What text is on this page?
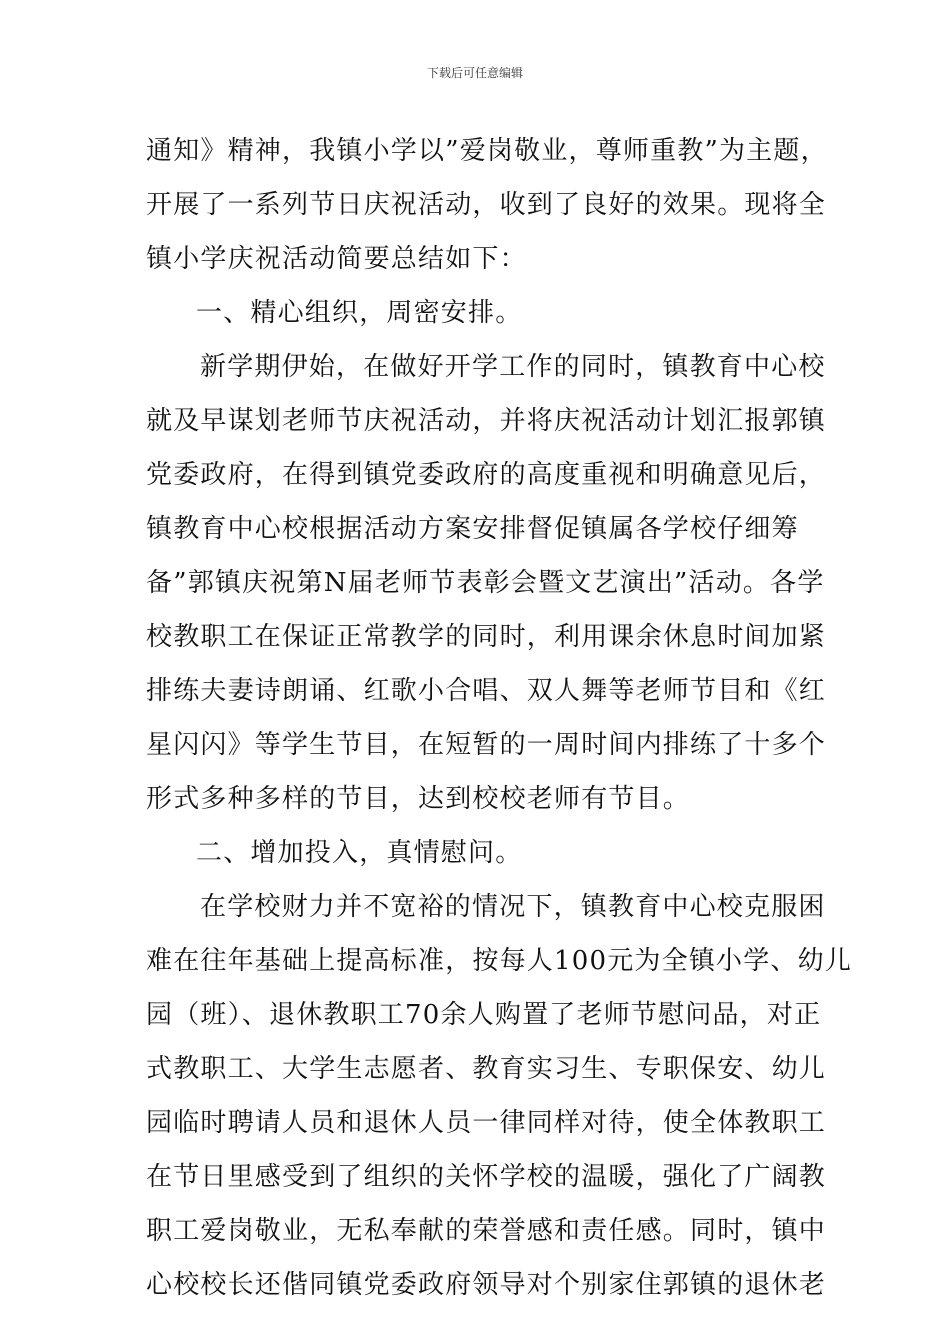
下载后可任意编辑
通知》精神，我镇小学以”爱岗敬业，尊师重教”为主题，
开展了一系列节日庆祝活动，收到了良好的效果。现将全
镇小学庆祝活动简要总结如下：
一、精心组织，周密安排。
新学期伊始，在做好开学工作的同时，镇教育中心校
就及早谋划老师节庆祝活动，并将庆祝活动计划汇报郭镇
党委政府，在得到镇党委政府的高度重视和明确意见后，
镇教育中心校根据活动方案安排督促镇属各学校仔细筹
备”郭镇庆祝第N届老师节表彰会暨文艺演出”活动。各学
校教职工在保证正常教学的同时，利用课余休息时间加紧
排练夫妻诗朗诵、红歌小合唱、双人舞等老师节目和《红
星闪闪》等学生节目，在短暂的一周时间内排练了十多个
形式多种多样的节目，达到校校老师有节目。
二、增加投入，真情慰问。
在学校财力并不宽裕的情况下，镇教育中心校克服困
难在往年基础上提高标准，按每人100元为全镇小学、幼儿
园（班）、退休教职工70余人购置了老师节慰问品，对正
式教职工、大学生志愿者、教育实习生、专职保安、幼儿
园临时聘请人员和退休人员一律同样对待，使全体教职工
在节日里感受到了组织的关怀学校的温暖，强化了广阔教
职工爱岗敬业，无私奉献的荣誉感和责任感。同时，镇中
心校校长还偕同镇党委政府领导对个别家住郭镇的退休老
